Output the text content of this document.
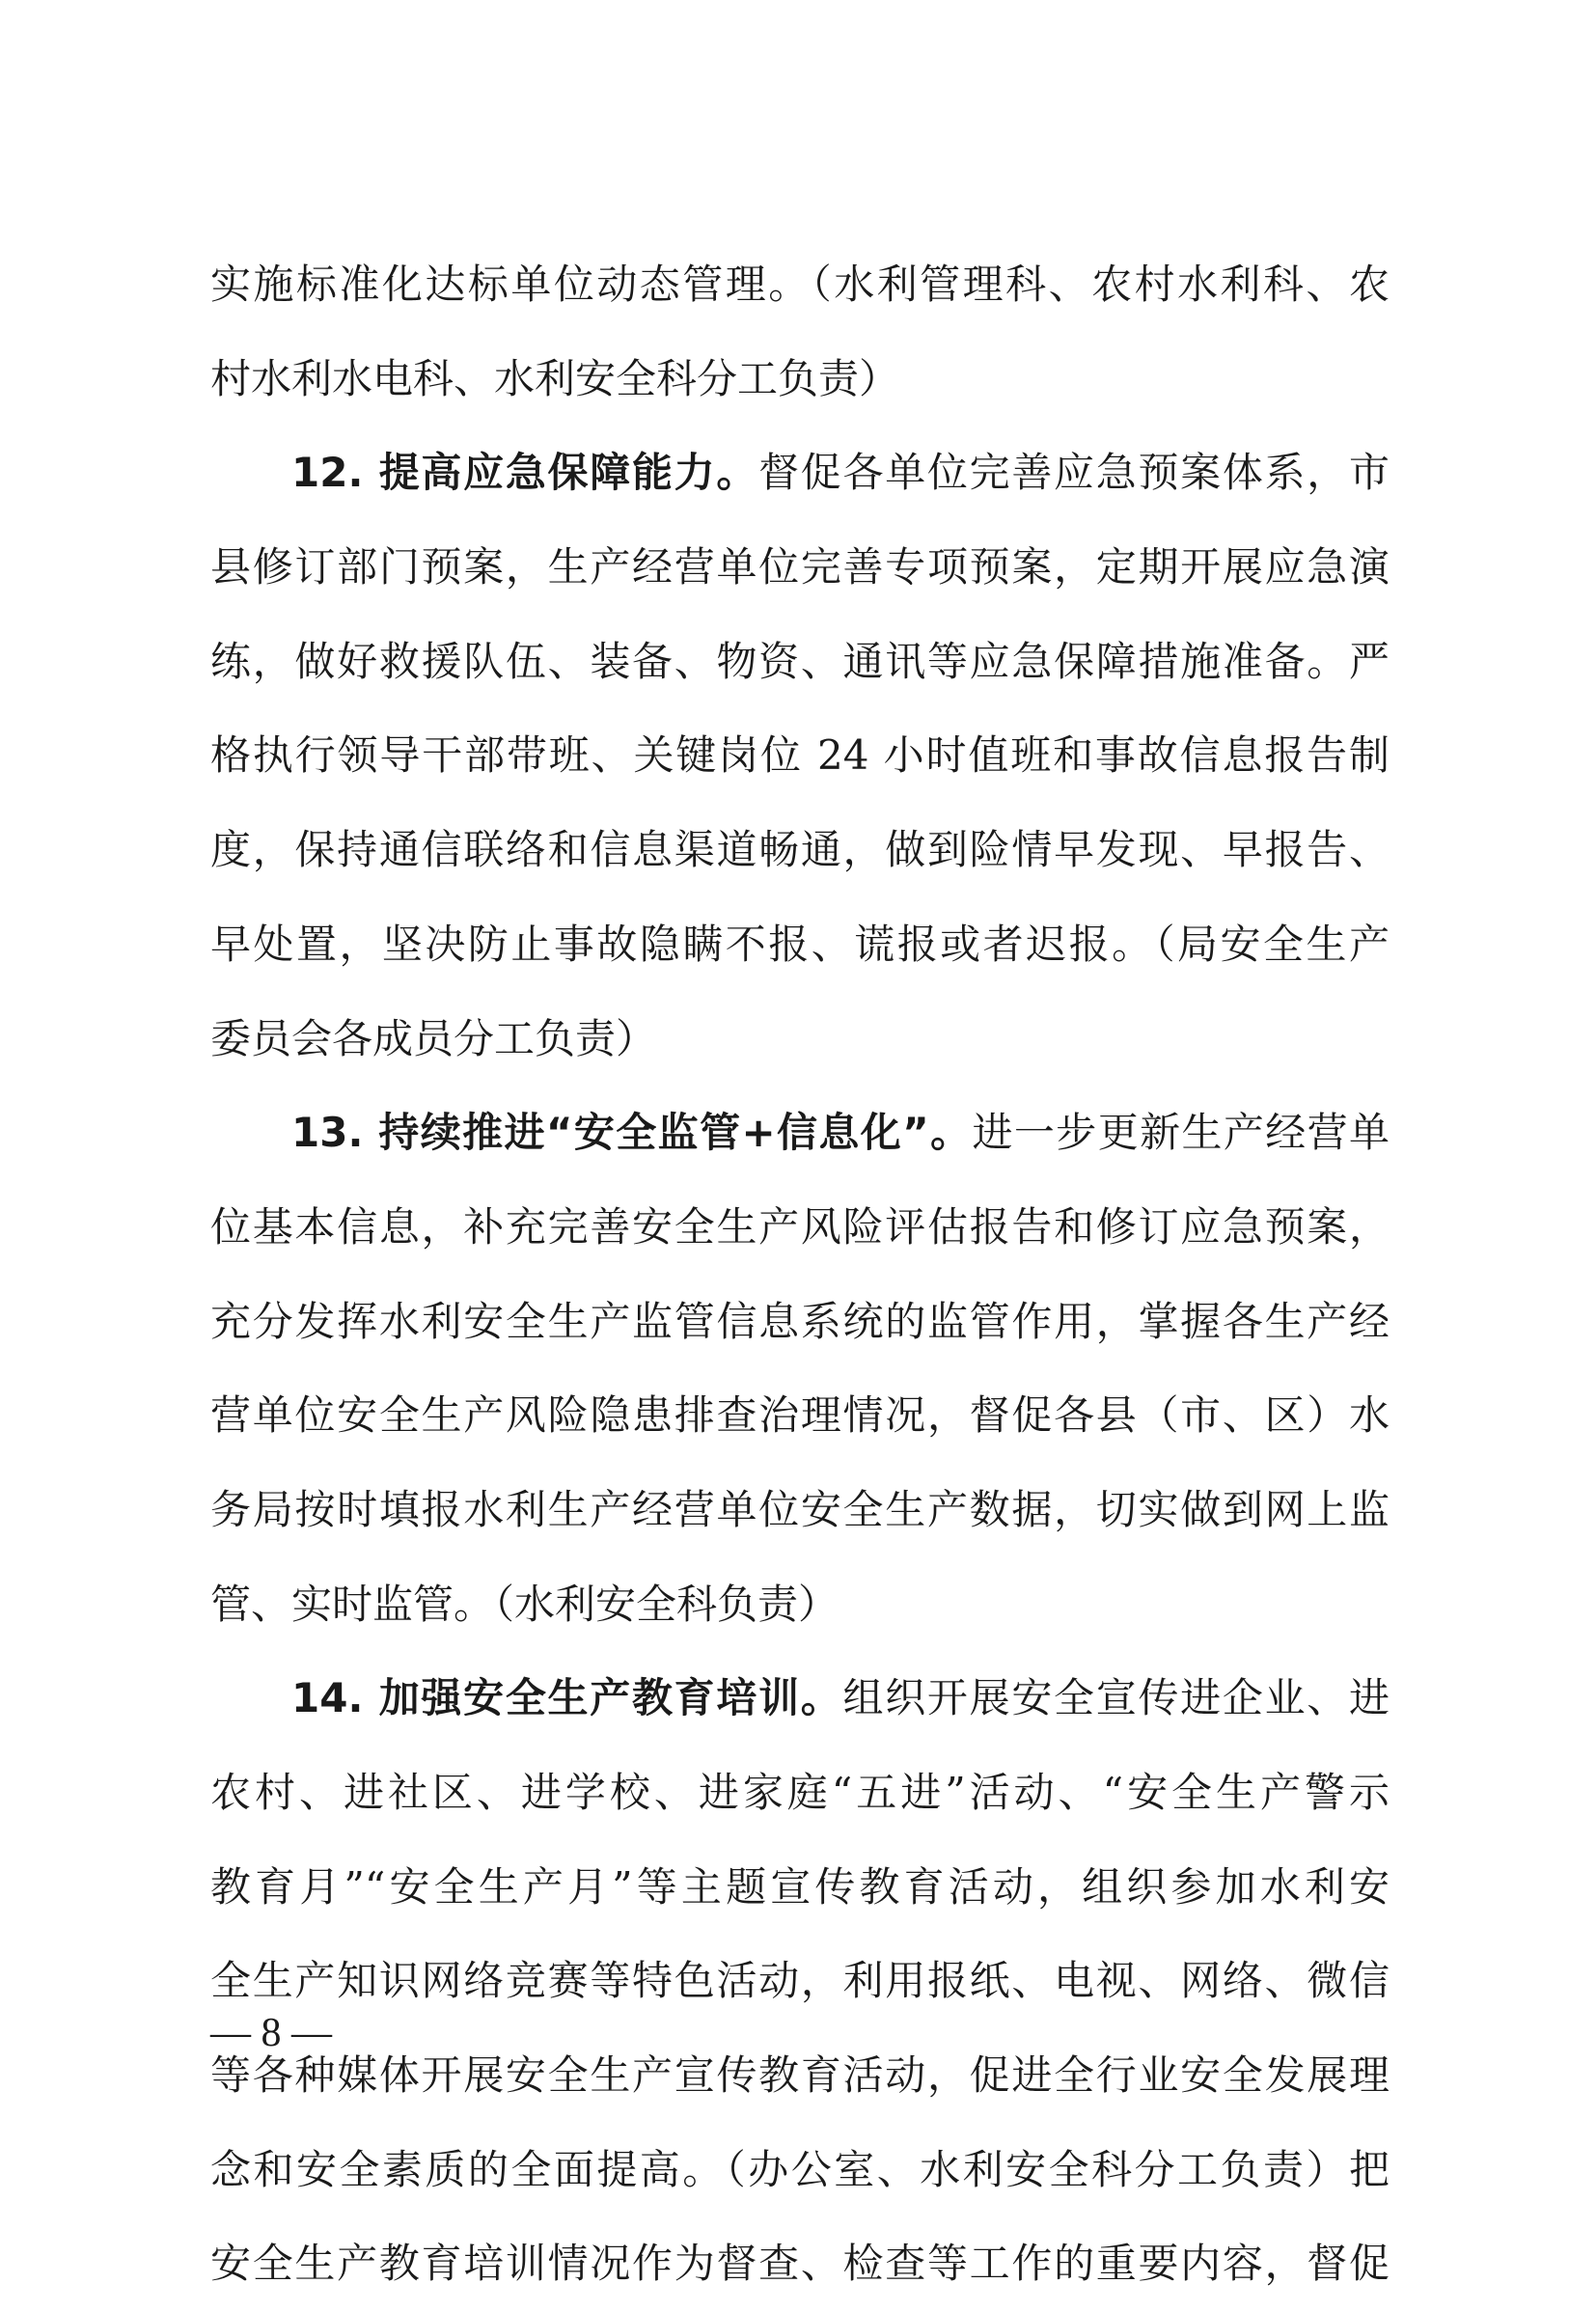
实施标准化达标单位动态管理。（水利管理科、农村水利科、农
村水利水电科、水利安全科分工负责）
12. 提高应急保障能力。督促各单位完善应急预案体系，市
县修订部门预案，生产经营单位完善专项预案，定期开展应急演
练，做好救援队伍、装备、物资、通讯等应急保障措施准备。严
格执行领导干部带班、关键岗位 24 小时值班和事故信息报告制
度，保持通信联络和信息渠道畅通，做到险情早发现、早报告、
早处置，坚决防止事故隐瞒不报、谎报或者迟报。（局安全生产
委员会各成员分工负责）
13. 持续推进“安全监管+信息化”。进一步更新生产经营单
位基本信息，补充完善安全生产风险评估报告和修订应急预案，
充分发挥水利安全生产监管信息系统的监管作用，掌握各生产经
营单位安全生产风险隐患排查治理情况，督促各县（市、区）水
务局按时填报水利生产经营单位安全生产数据，切实做到网上监
管、实时监管。（水利安全科负责）
14. 加强安全生产教育培训。组织开展安全宣传进企业、进
农村、进社区、进学校、进家庭“五进”活动、“安全生产警示
教育月”“安全生产月”等主题宣传教育活动，组织参加水利安
全生产知识网络竞赛等特色活动，利用报纸、电视、网络、微信
等各种媒体开展安全生产宣传教育活动，促进全行业安全发展理
念和安全素质的全面提高。（办公室、水利安全科分工负责）把
安全生产教育培训情况作为督查、检查等工作的重要内容，督促
— 8 —
